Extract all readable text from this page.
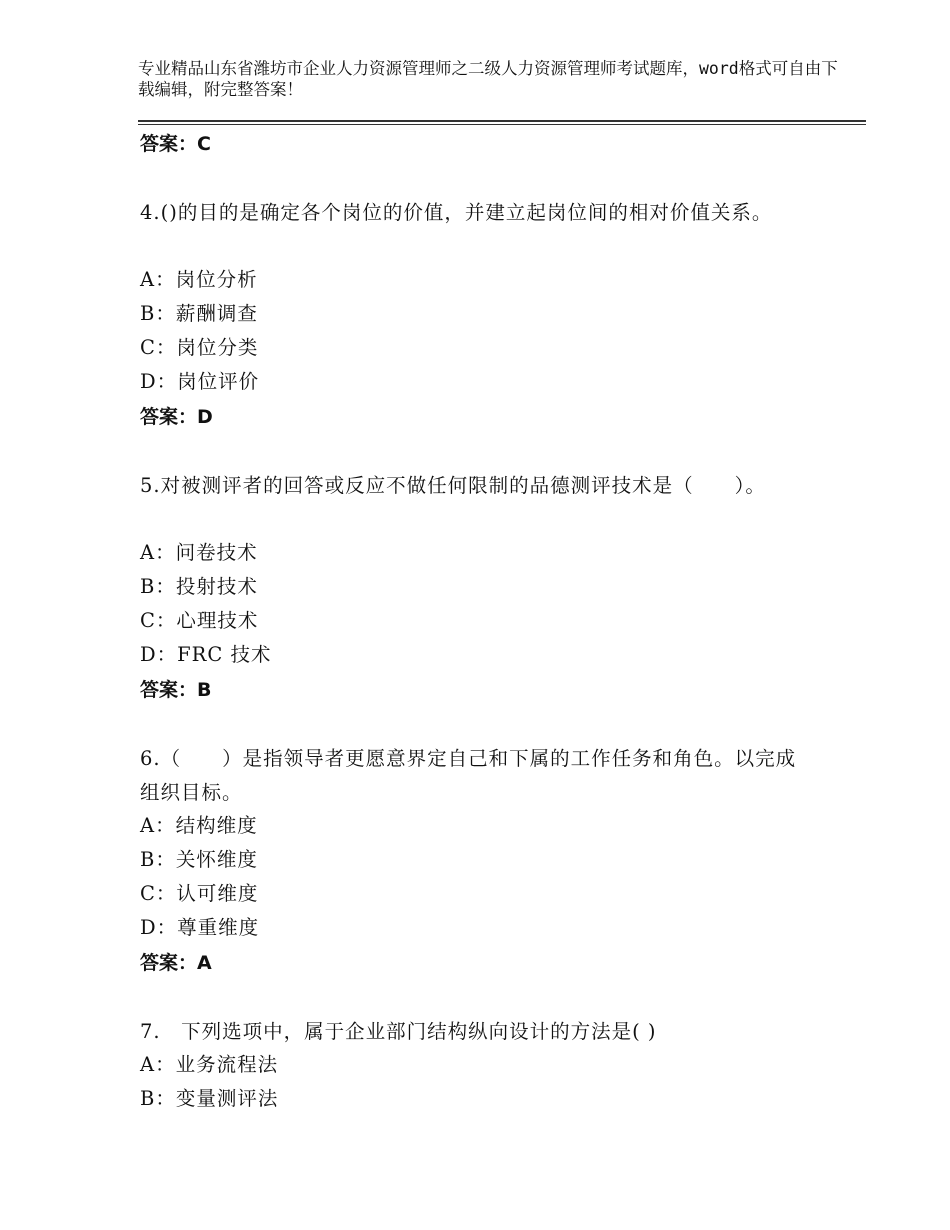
专业精品山东省潍坊市企业人力资源管理师之二级人力资源管理师考试题库，word格式可自由下载编辑，附完整答案！
答案：C
4.()的目的是确定各个岗位的价值，并建立起岗位间的相对价值关系。
A：岗位分析
B：薪酬调查
C：岗位分类
D：岗位评价
答案：D
5.对被测评者的回答或反应不做任何限制的品德测评技术是（　　）。
A：问卷技术
B：投射技术
C：心理技术
D：FRC 技术
答案：B
6.（　　）是指领导者更愿意界定自己和下属的工作任务和角色。以完成组织目标。
A：结构维度
B：关怀维度
C：认可维度
D：尊重维度
答案：A
7.　下列选项中，属于企业部门结构纵向设计的方法是( )
A：业务流程法
B：变量测评法
